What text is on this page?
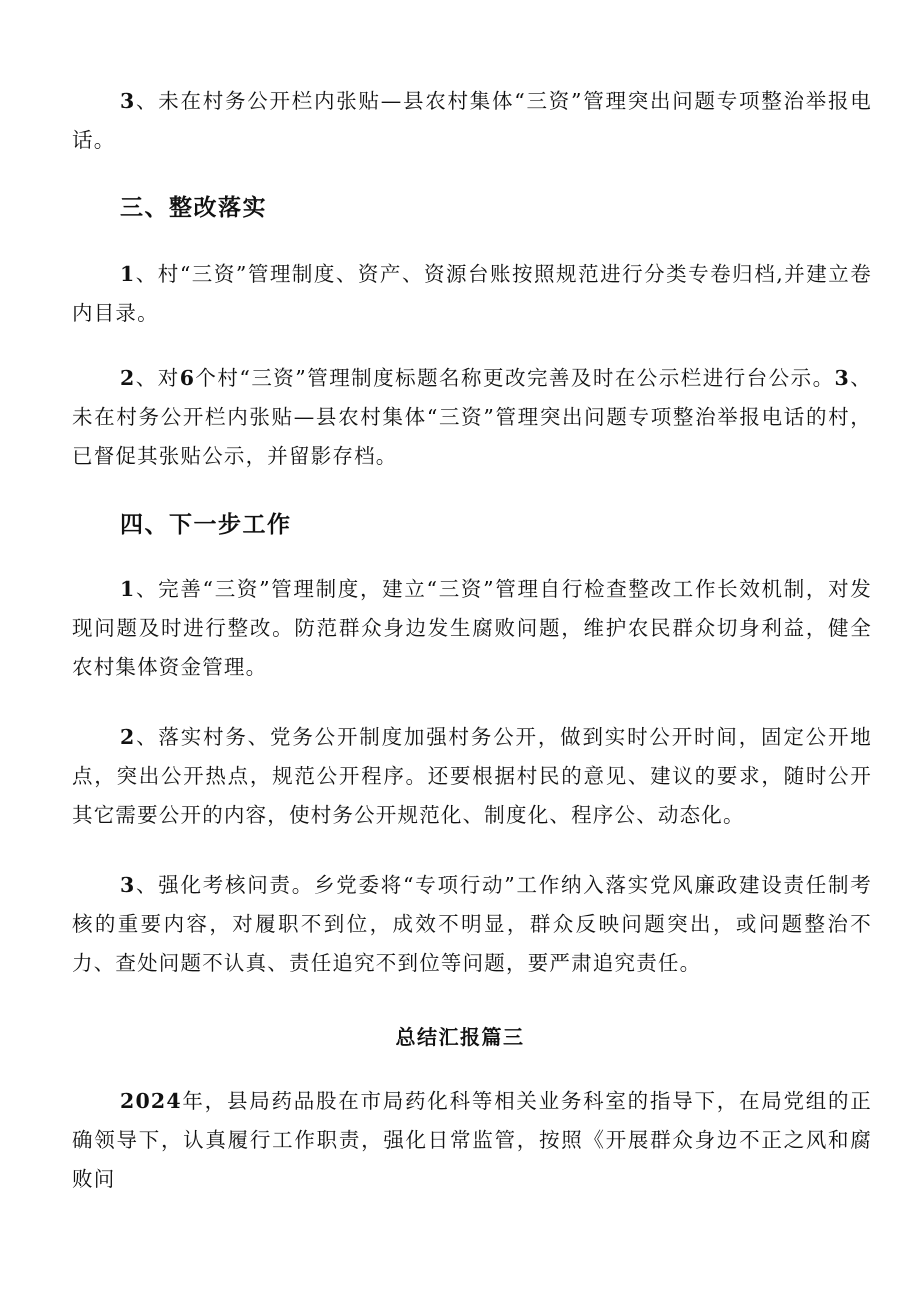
3、未在村务公开栏内张贴—县农村集体“三资”管理突出问题专项整治举报电话。

三、整改落实

1、村“三资”管理制度、资产、资源台账按照规范进行分类专卷归档,并建立卷内目录。

2、对6个村“三资”管理制度标题名称更改完善及时在公示栏进行台公示。3、未在村务公开栏内张贴—县农村集体“三资”管理突出问题专项整治举报电话的村，已督促其张贴公示，并留影存档。

四、下一步工作

1、完善“三资”管理制度，建立“三资”管理自行检查整改工作长效机制，对发现问题及时进行整改。防范群众身边发生腐败问题，维护农民群众切身利益，健全农村集体资金管理。

2、落实村务、党务公开制度加强村务公开，做到实时公开时间，固定公开地点，突出公开热点，规范公开程序。还要根据村民的意见、建议的要求，随时公开其它需要公开的内容，使村务公开规范化、制度化、程序公、动态化。

3、强化考核问责。乡党委将“专项行动”工作纳入落实党风廉政建设责任制考核的重要内容，对履职不到位，成效不明显，群众反映问题突出，或问题整治不力、查处问题不认真、责任追究不到位等问题，要严肃追究责任。

总结汇报篇三

2024年，县局药品股在市局药化科等相关业务科室的指导下，在局党组的正确领导下，认真履行工作职责，强化日常监管，按照《开展群众身边不正之风和腐败问
